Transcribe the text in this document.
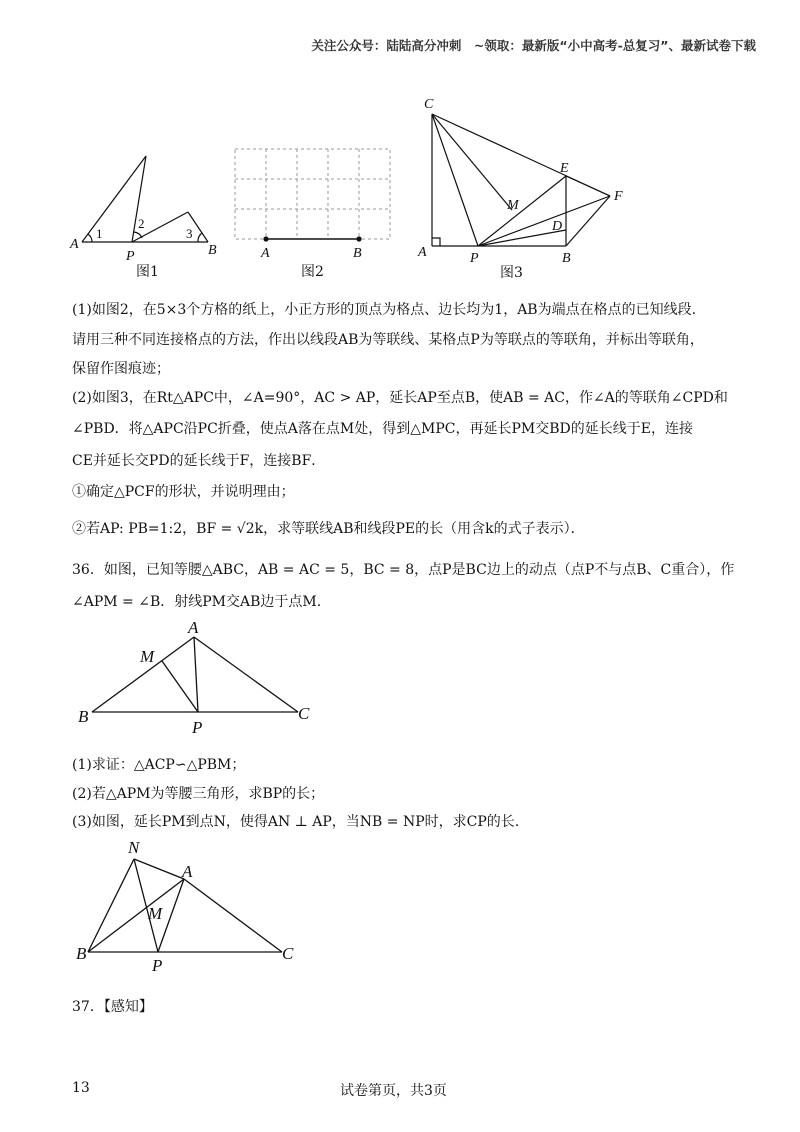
关注公众号：陆陆高分冲刺　~领取：最新版“小中高考-总复习”、最新试卷下载
A
P	B
1
2
3
图1
A	B
图2
C
E
F
M
D
A	P	B
图3
(1)如图2，在5×3个方格的纸上，小正方形的顶点为格点、边长均为1，AB为端点在格点的已知线段.
请用三种不同连接格点的方法，作出以线段AB为等联线、某格点P为等联点的等联角，并标出等联角，
保留作图痕迹；
(2)如图3，在Rt△APC中，∠A=90°，AC > AP，延长AP至点B，使AB = AC，作∠A的等联角∠CPD和
∠PBD．将△APC沿PC折叠，使点A落在点M处，得到△MPC，再延长PM交BD的延长线于E，连接
CE并延长交PD的延长线于F，连接BF．
①确定△PCF的形状，并说明理由；
②若AP: PB=1:2，BF = √2k，求等联线AB和线段PE的长（用含k的式子表示）．
36．如图，已知等腰△ABC，AB = AC = 5，BC = 8，点P是BC边上的动点（点P不与点B、C重合），作
∠APM = ∠B．射线PM交AB边于点M.
A
M
B
P
C
(1)求证：△ACP∽△PBM；
(2)若△APM为等腰三角形，求BP的长；
(3)如图，延长PM到点N，使得AN ⊥ AP，当NB = NP时，求CP的长.
N
A
M
B
P
C
37．【感知】
13	试卷第页，共3页
